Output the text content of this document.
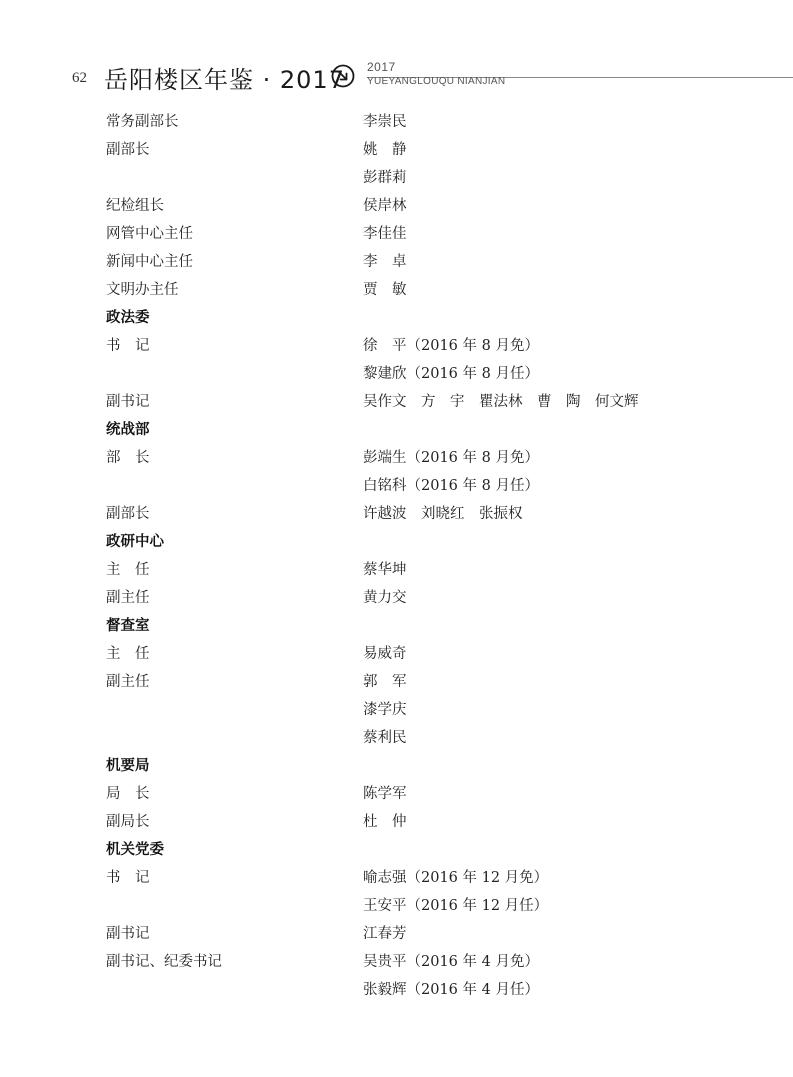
62 岳阳楼区年鉴 · 2017 2017
YUEYANGLOUQU NIANJIAN
常务副部长	李崇民
副部长	姚　静
彭群莉
纪检组长	侯岸林
网管中心主任	李佳佳
新闻中心主任	李　卓
文明办主任	贾　敏
政法委
书　记	徐　平（2016 年 8 月免）
黎建欣（2016 年 8 月任）
副书记	吴作文　方　宇　瞿法林　曹　陶　何文辉
统战部
部　长	彭端生（2016 年 8 月免）
白铭科（2016 年 8 月任）
副部长	许越波　刘晓红　张振权
政研中心
主　任	蔡华坤
副主任	黄力交
督查室
主　任	易威奇
副主任	郭　军
漆学庆
蔡利民
机要局
局　长	陈学军
副局长	杜　仲
机关党委
书　记	喻志强（2016 年 12 月免）
王安平（2016 年 12 月任）
副书记	江春芳
副书记、纪委书记	吴贵平（2016 年 4 月免）
张毅辉（2016 年 4 月任）
